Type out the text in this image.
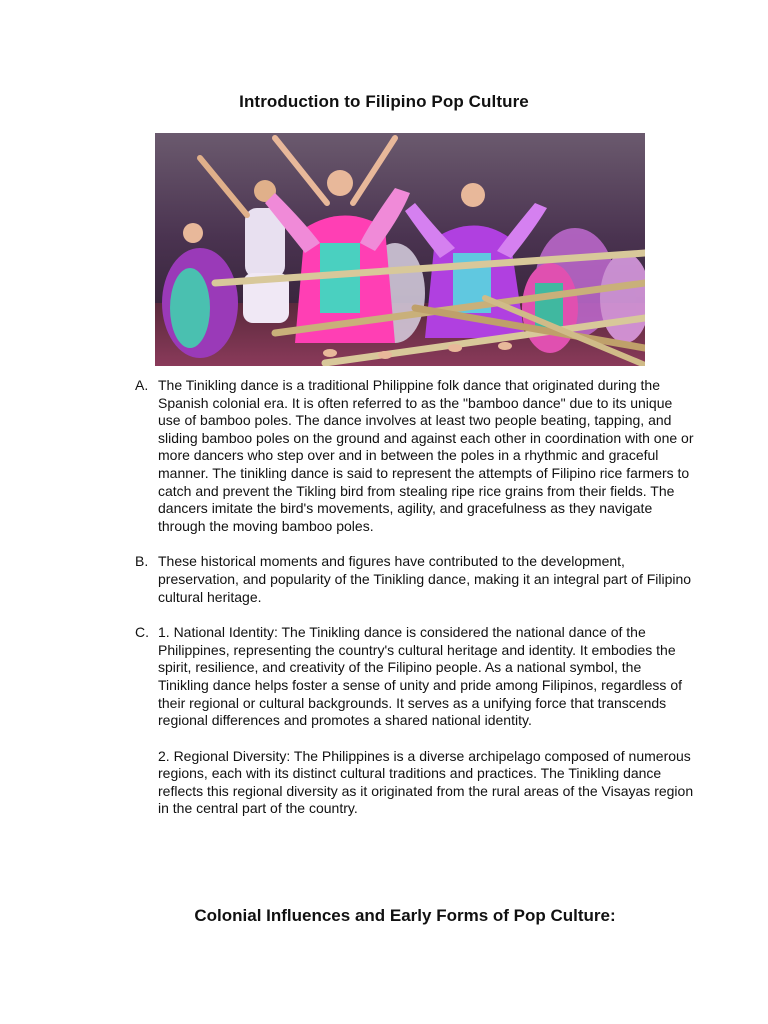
Introduction to Filipino Pop Culture
A. The Tinikling dance is a traditional Philippine folk dance that originated during the Spanish colonial era. It is often referred to as the "bamboo dance" due to its unique use of bamboo poles. The dance involves at least two people beating, tapping, and sliding bamboo poles on the ground and against each other in coordination with one or more dancers who step over and in between the poles in a rhythmic and graceful manner. The tinikling dance is said to represent the attempts of Filipino rice farmers to catch and prevent the Tikling bird from stealing ripe rice grains from their fields. The dancers imitate the bird's movements, agility, and gracefulness as they navigate through the moving bamboo poles.

B. These historical moments and figures have contributed to the development, preservation, and popularity of the Tinikling dance, making it an integral part of Filipino cultural heritage.

C. 1. National Identity: The Tinikling dance is considered the national dance of the Philippines, representing the country's cultural heritage and identity. It embodies the spirit, resilience, and creativity of the Filipino people. As a national symbol, the Tinikling dance helps foster a sense of unity and pride among Filipinos, regardless of their regional or cultural backgrounds. It serves as a unifying force that transcends regional differences and promotes a shared national identity.

2. Regional Diversity: The Philippines is a diverse archipelago composed of numerous regions, each with its distinct cultural traditions and practices. The Tinikling dance reflects this regional diversity as it originated from the rural areas of the Visayas region in the central part of the country.

Colonial Influences and Early Forms of Pop Culture:
